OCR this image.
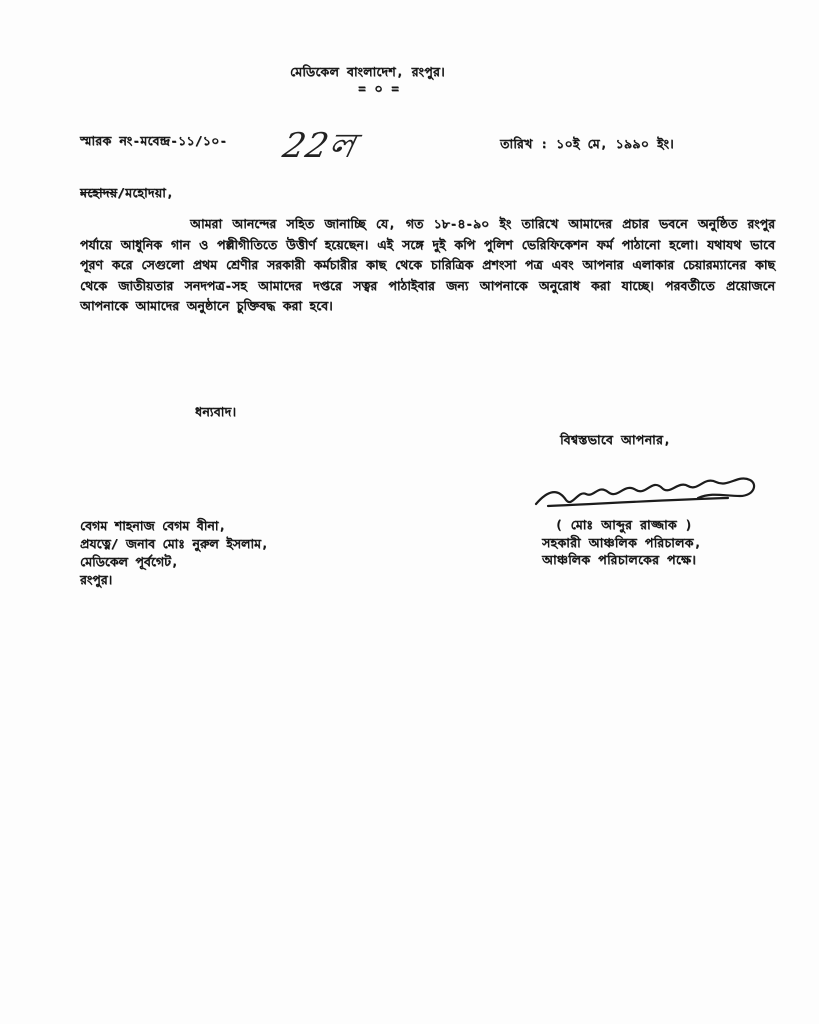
মেডিকেল বাংলাদেশ, রংপুর।
= ০ =
স্মারক নং-মবেন্দ্র-১১/১০- 22ল	তারিখ : ১০ই মে, ১৯৯০ ইং।
মহোদয়/মহোদয়া,

আমরা আনন্দের সহিত জানাচ্ছি যে, গত ১৮-৪-৯০ ইং তারিখে আমাদের প্রচার ভবনে অনুষ্ঠিত রংপুর পর্যায়ে আধুনিক গান ও পল্লীগীতিতে উত্তীর্ণ হয়েছেন। এই সঙ্গে দুই কপি পুলিশ ভেরিফিকেশন ফর্ম পাঠানো হলো। যথাযথ ভাবে পূরণ করে সেগুলো প্রথম শ্রেণীর সরকারী কর্মচারীর কাছ থেকে চারিত্রিক প্রশংসা পত্র এবং আপনার এলাকার চেয়ারম্যানের কাছ থেকে জাতীয়তার সনদপত্র-সহ আমাদের দপ্তরে সত্বর পাঠাইবার জন্য আপনাকে অনুরোধ করা যাচ্ছে। পরবর্তীতে প্রয়োজনে আপনাকে আমাদের অনুষ্ঠানে চুক্তিবদ্ধ করা হবে।

ধন্যবাদ।
বিশ্বস্তভাবে আপনার,
( মোঃ আব্দুর রাজ্জাক )
সহকারী আঞ্চলিক পরিচালক,
আঞ্চলিক পরিচালকের পক্ষে।
বেগম শাহনাজ বেগম বীনা,
প্রযত্নে/ জনাব মোঃ নুরুল ইসলাম,
মেডিকেল পূর্বগেট,
রংপুর।
